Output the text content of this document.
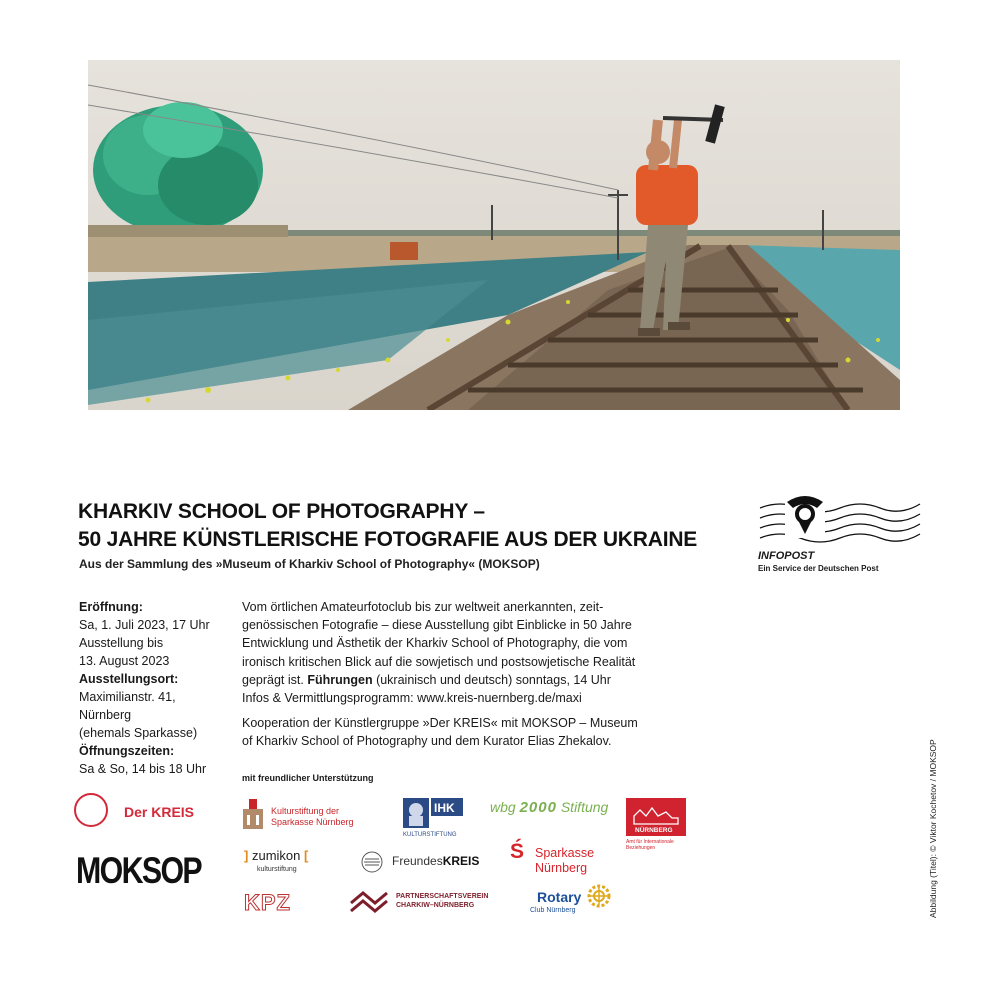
KHARKIV SCHOOL OF PHOTOGRAPHY –
50 JAHRE KÜNSTLERISCHE FOTOGRAFIE AUS DER UKRAINE
Aus der Sammlung des »Museum of Kharkiv School of Photography« (MOKSOP)
INFOPOST
Ein Service der Deutschen Post
Eröffnung:
Sa, 1. Juli 2023, 17 Uhr
Ausstellung bis
13. August 2023
Ausstellungsort:
Maximilianstr. 41,
Nürnberg
(ehemals Sparkasse)
Öffnungszeiten:
Sa & So, 14 bis 18 Uhr

Vom örtlichen Amateurfotoclub bis zur weltweit anerkannten, zeit-
genössischen Fotografie – diese Ausstellung gibt Einblicke in 50 Jahre
Entwicklung und Ästhetik der Kharkiv School of Photography, die vom
ironisch kritischen Blick auf die sowjetisch und postsowjetische Realität
geprägt ist. Führungen (ukrainisch und deutsch) sonntags, 14 Uhr
Infos & Vermittlungsprogramm: www.kreis-nuernberg.de/maxi

Kooperation der Künstlergruppe »Der KREIS« mit MOKSOP – Museum
of Kharkiv School of Photography und dem Kurator Elias Zhekalov.

mit freundlicher Unterstützung
Der KREIS
MOKSOP
Kulturstiftung der
Sparkasse Nürnberg
IHK
KULTURSTIFTUNG
wbg 2000 Stiftung
NÜRNBERG
Amt für Internationale Beziehungen
] zumikon [
kulturstiftung
FreundesKREIS Ś Sparkasse
Nürnberg
KPZ	PARTNERSCHAFTSVEREIN
CHARKIW–NÜRNBERG
Rotary
Club Nürnberg	Abbildung (Titel): © Viktor Kochetov / MOKSOP
